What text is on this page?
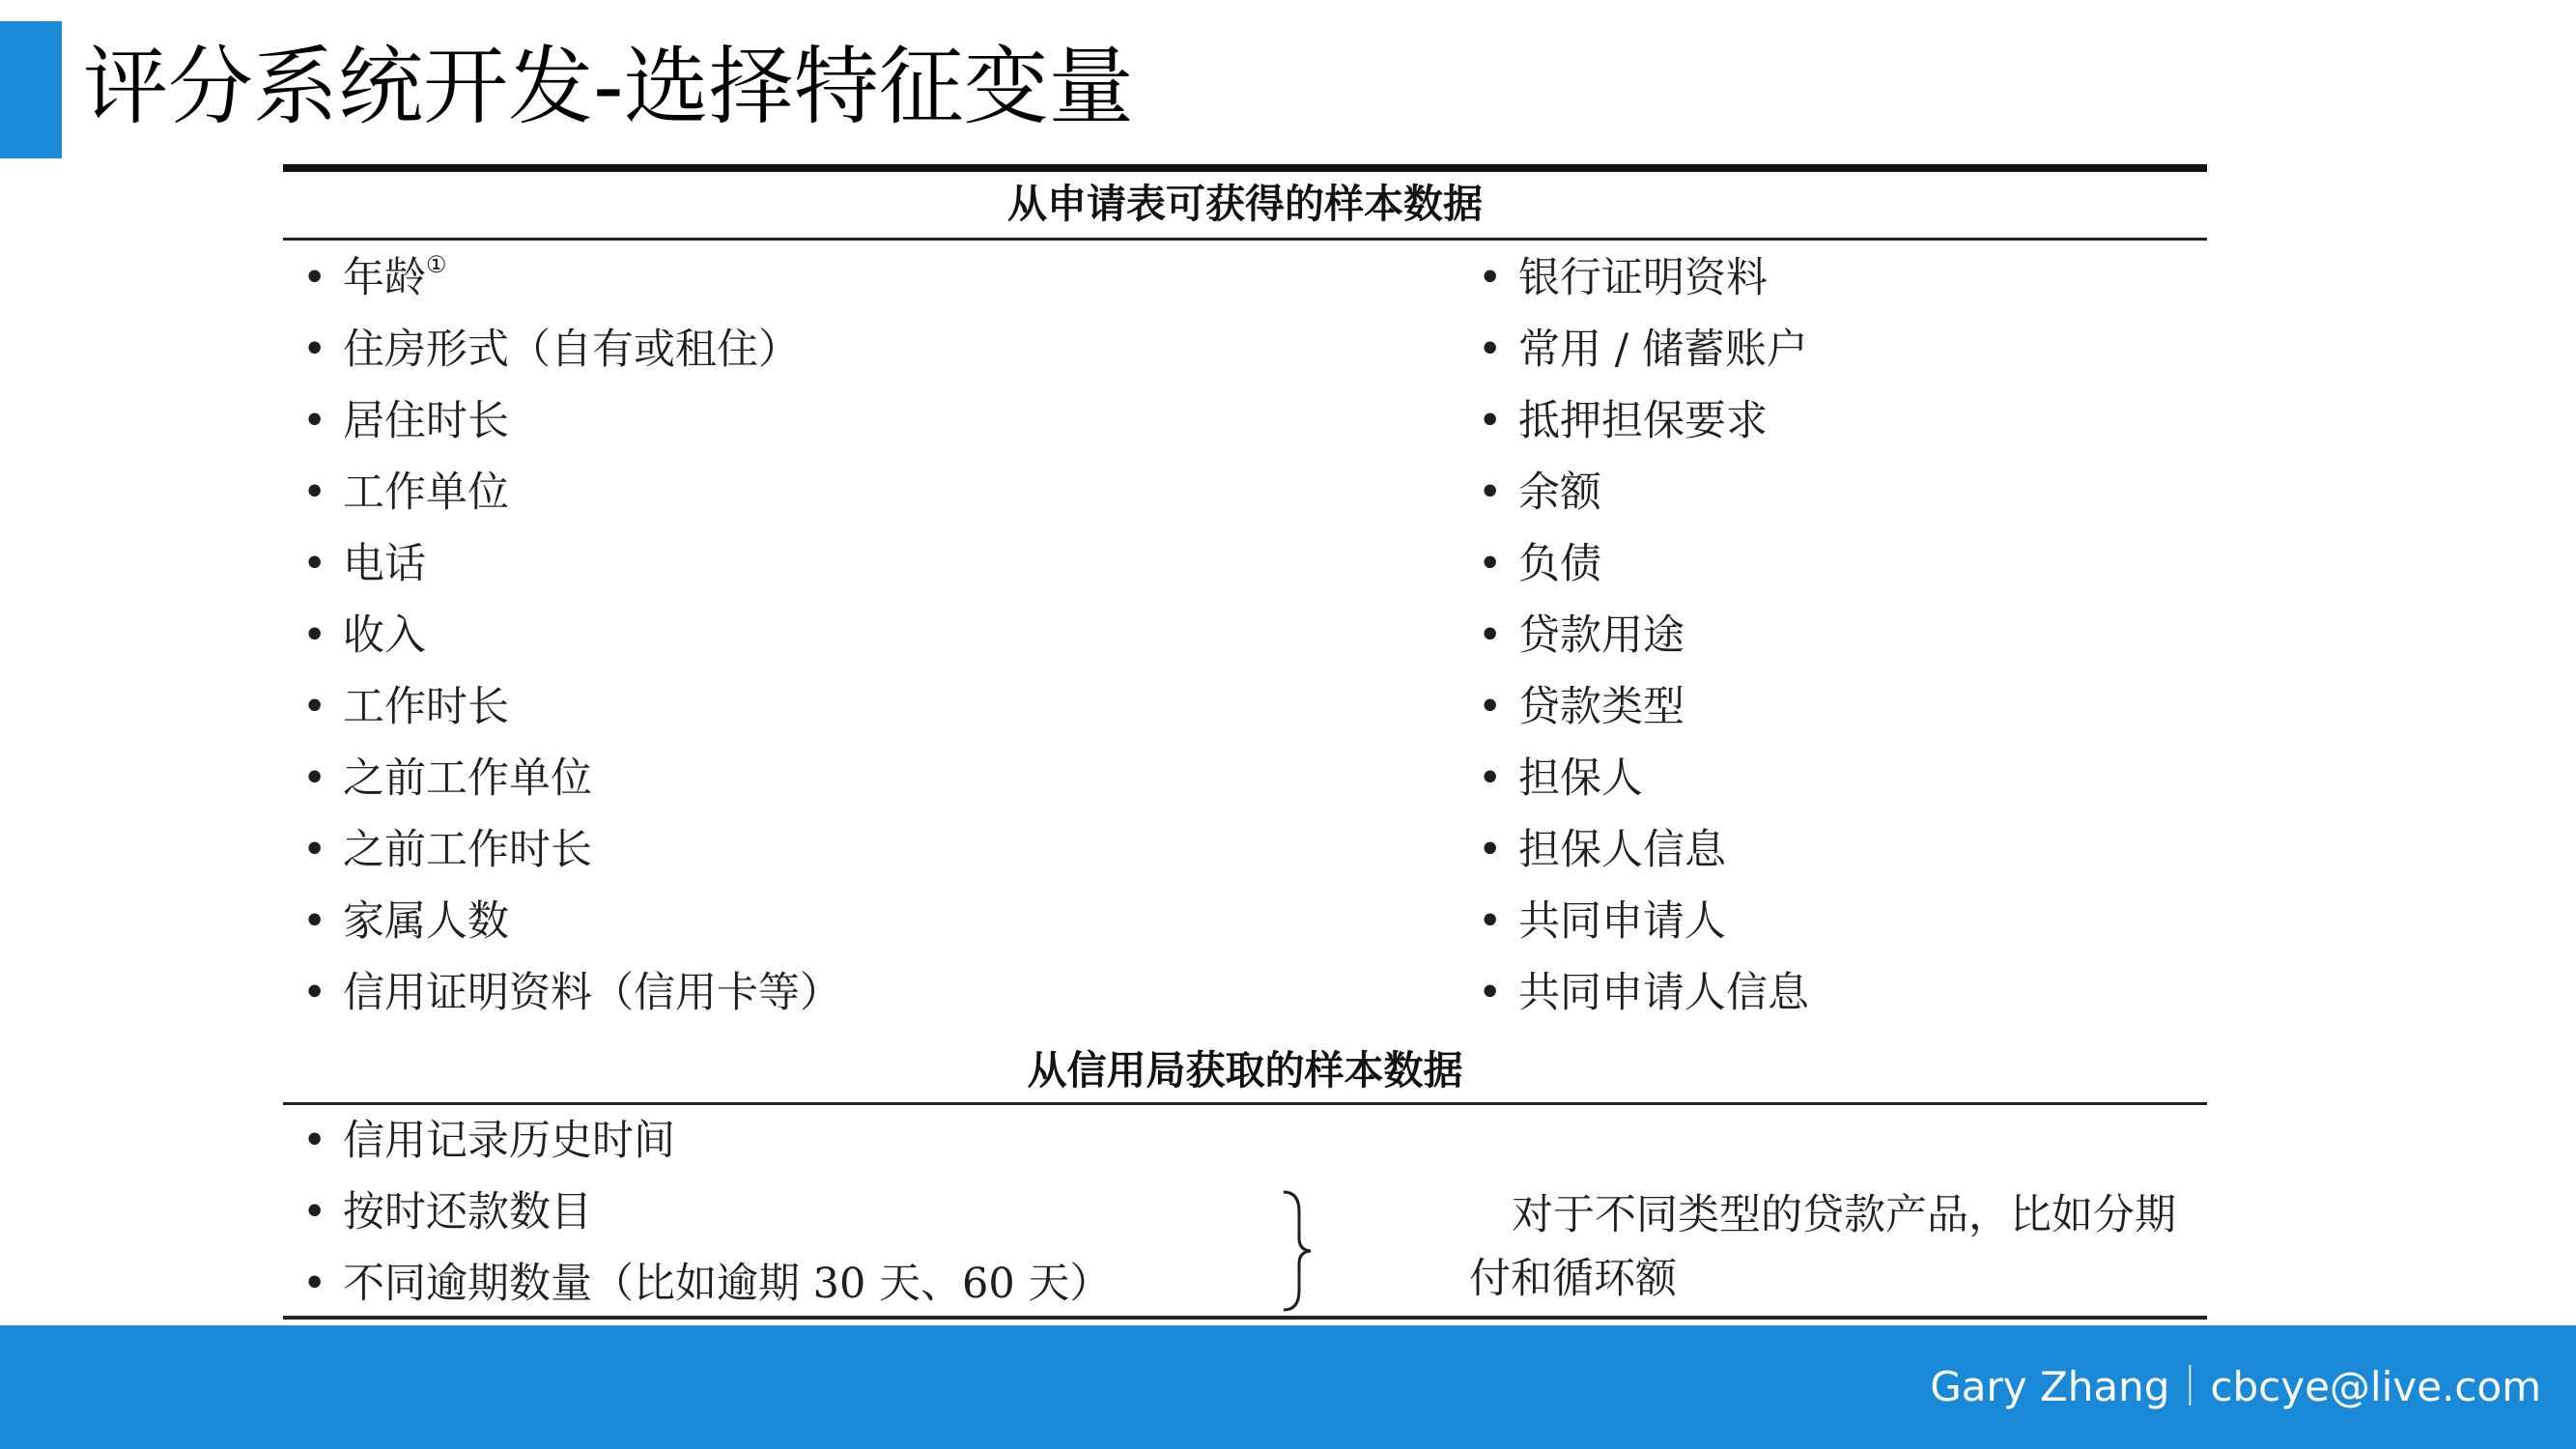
评分系统开发-选择特征变量
从申请表可获得的样本数据
• 年龄①
• 住房形式（自有或租住）
• 居住时长
• 工作单位
• 电话
• 收入
• 工作时长
• 之前工作单位
• 之前工作时长
• 家属人数
• 信用证明资料（信用卡等）
• 银行证明资料
• 常用 / 储蓄账户
• 抵押担保要求
• 余额
• 负债
• 贷款用途
• 贷款类型
• 担保人
• 担保人信息
• 共同申请人
• 共同申请人信息
从信用局获取的样本数据
• 信用记录历史时间
• 按时还款数目
• 不同逾期数量（比如逾期 30 天、60 天）
对于不同类型的贷款产品，比如分期付和循环额
Gary Zhang｜cbcye@live.com
